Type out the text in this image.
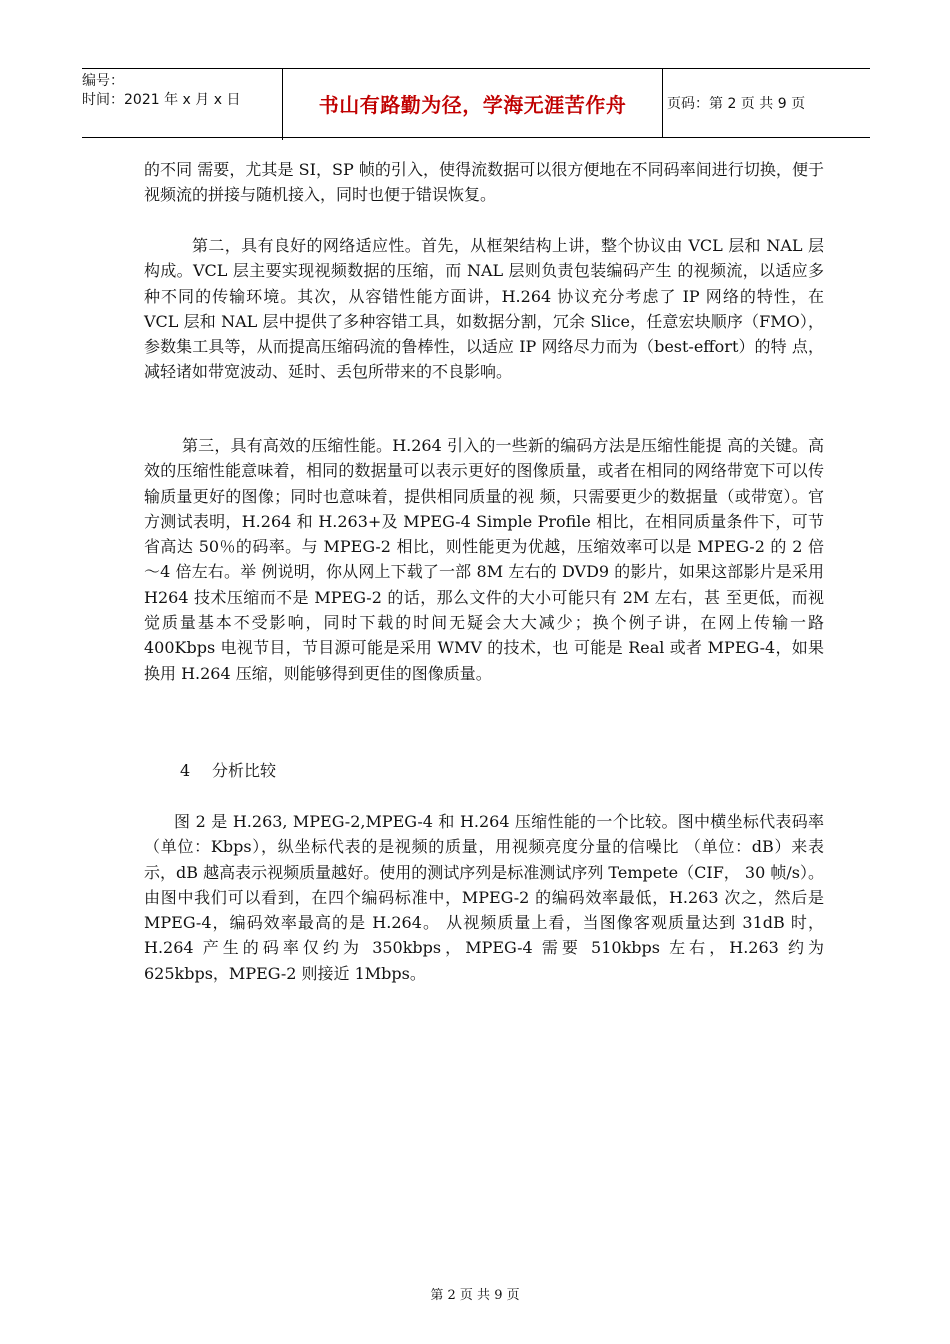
编号：
时间：2021 年 x 月 x 日	书山有路勤为径，学海无涯苦作舟	页码：第 2 页 共 9 页

的不同 需要，尤其是 SI，SP 帧的引入，使得流数据可以很方便地在不同码率间进行切换，便于视频流的拼接与随机接入，同时也便于错误恢复。

第二，具有良好的网络适应性。首先，从框架结构上讲，整个协议由 VCL 层和 NAL 层构成。VCL 层主要实现视频数据的压缩，而 NAL 层则负责包装编码产生 的视频流，以适应多种不同的传输环境。其次，从容错性能方面讲，H.264 协议充分考虑了 IP 网络的特性，在 VCL 层和 NAL 层中提供了多种容错工具，如数据分割，冗余 Slice，任意宏块顺序（FMO），参数集工具等，从而提高压缩码流的鲁棒性，以适应 IP 网络尽力而为（best-effort）的特 点，减轻诸如带宽波动、延时、丢包所带来的不良影响。

第三，具有高效的压缩性能。H.264 引入的一些新的编码方法是压缩性能提 高的关键。高效的压缩性能意味着，相同的数据量可以表示更好的图像质量，或者在相同的网络带宽下可以传输质量更好的图像；同时也意味着，提供相同质量的视 频，只需要更少的数据量（或带宽）。官方测试表明，H.264 和 H.263+及 MPEG-4 Simple Profile 相比，在相同质量条件下，可节省高达 50％的码率。与 MPEG-2 相比，则性能更为优越，压缩效率可以是 MPEG-2 的 2 倍～4 倍左右。举 例说明，你从网上下载了一部 8M 左右的 DVD9 的影片，如果这部影片是采用 H264 技术压缩而不是 MPEG-2 的话，那么文件的大小可能只有 2M 左右，甚 至更低，而视觉质量基本不受影响，同时下载的时间无疑会大大减少；换个例子讲，在网上传输一路 400Kbps 电视节目，节目源可能是采用 WMV 的技术，也 可能是 Real 或者 MPEG-4，如果换用 H.264 压缩，则能够得到更佳的图像质量。

4 分析比较

图 2 是 H.263, MPEG-2,MPEG-4 和 H.264 压缩性能的一个比较。图中横坐标代表码率（单位：Kbps），纵坐标代表的是视频的质量，用视频亮度分量的信噪比 （单位：dB）来表示，dB 越高表示视频质量越好。使用的测试序列是标准测试序列 Tempete（CIF， 30 帧/s）。由图中我们可以看到，在四个编码标准中，MPEG-2 的编码效率最低，H.263 次之，然后是 MPEG-4，编码效率最高的是 H.264。 从视频质量上看，当图像客观质量达到 31dB 时，H.264 产生的码率仅约为 350kbps，MPEG-4 需要 510kbps 左右，H.263 约为 625kbps，MPEG-2 则接近 1Mbps。

第 2 页 共 9 页
